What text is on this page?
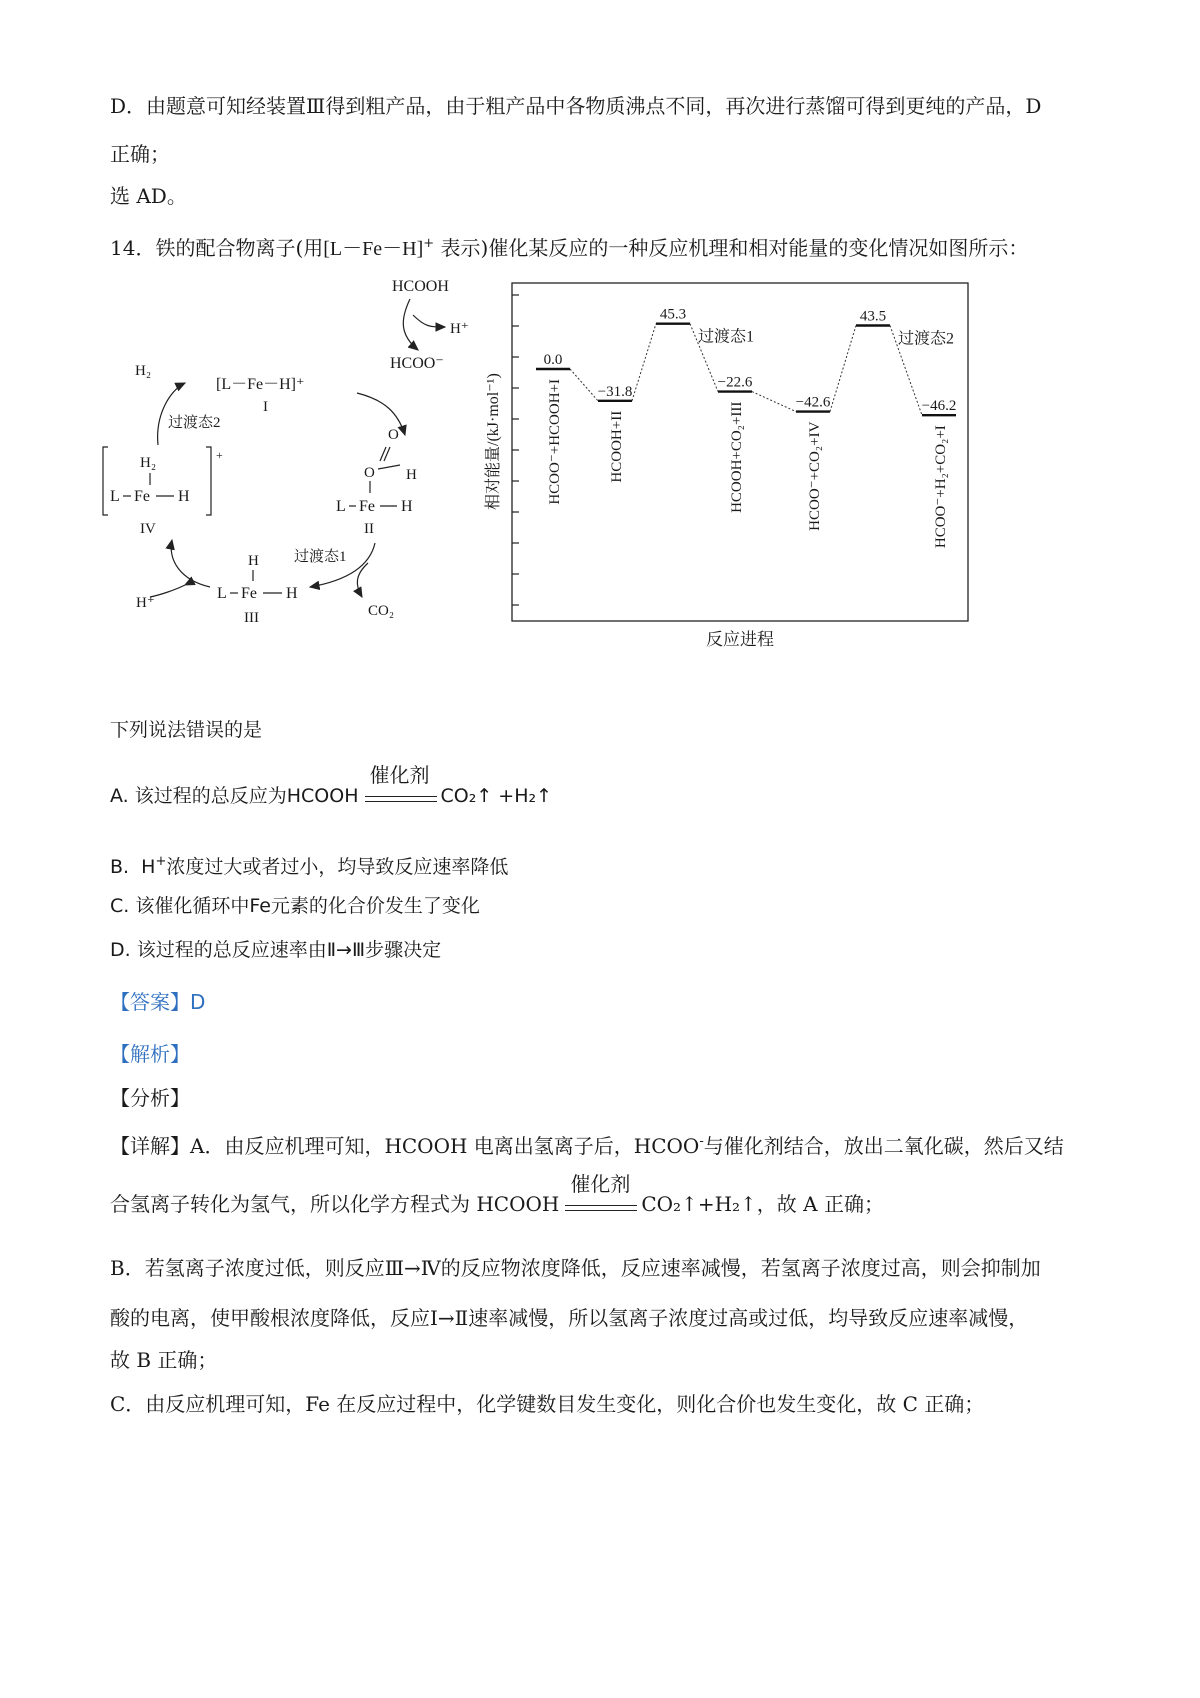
D．由题意可知经装置Ⅲ得到粗产品，由于粗产品中各物质沸点不同，再次进行蒸馏可得到更纯的产品，D
正确；
选 AD。
14．铁的配合物离子(用[L－Fe－H]+ 表示)催化某反应的一种反应机理和相对能量的变化情况如图所示：
HCOOH
H⁺
HCOO⁻
H₂
[L－Fe－H]⁺
I
过渡态2
O
O H
L Fe H
II
+
H₂
L Fe H
IV
H⁺
H
L Fe H
III
过渡态1
CO₂
相对能量/(kJ·mol⁻¹)
反应进程
0.0
HCOO⁻+HCOOH+I −31.8
HCOOH+II
45.3
过渡态1
−22.6
HCOOH+CO₂+III	−42.6
HCOO⁻+CO₂+IV
43.5
过渡态2
−46.2
HCOO⁻+H₂+CO₂+I
下列说法错误的是
A. 该过程的总反应为HCOOH
催化剂
CO₂↑ +H₂↑
B. H+浓度过大或者过小，均导致反应速率降低
C. 该催化循环中Fe元素的化合价发生了变化
D. 该过程的总反应速率由Ⅱ→Ⅲ步骤决定
【答案】D
【解析】
【分析】
【详解】A．由反应机理可知，HCOOH 电离出氢离子后，HCOO-与催化剂结合，放出二氧化碳，然后又结
合氢离子转化为氢气，所以化学方程式为 HCOOH
催化剂
CO₂↑+H₂↑，故 A 正确；
B．若氢离子浓度过低，则反应Ⅲ→Ⅳ的反应物浓度降低，反应速率减慢，若氢离子浓度过高，则会抑制加
酸的电离，使甲酸根浓度降低，反应Ⅰ→Ⅱ速率减慢，所以氢离子浓度过高或过低，均导致反应速率减慢，
故 B 正确；
C．由反应机理可知，Fe 在反应过程中，化学键数目发生变化，则化合价也发生变化，故 C 正确；
